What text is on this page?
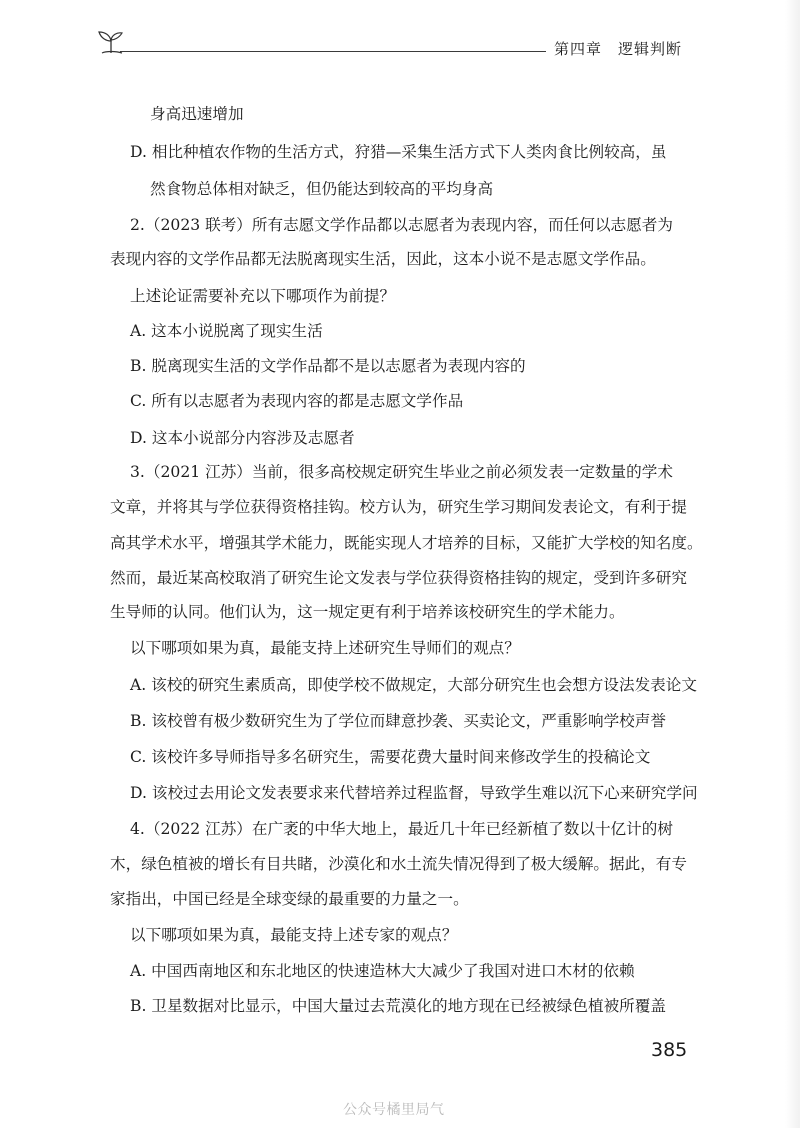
第四章 逻辑判断
身高迅速增加
D. 相比种植农作物的生活方式，狩猎—采集生活方式下人类肉食比例较高，虽
然食物总体相对缺乏，但仍能达到较高的平均身高
2.（2023 联考）所有志愿文学作品都以志愿者为表现内容，而任何以志愿者为
表现内容的文学作品都无法脱离现实生活，因此，这本小说不是志愿文学作品。
上述论证需要补充以下哪项作为前提？
A. 这本小说脱离了现实生活
B. 脱离现实生活的文学作品都不是以志愿者为表现内容的
C. 所有以志愿者为表现内容的都是志愿文学作品
D. 这本小说部分内容涉及志愿者
3.（2021 江苏）当前，很多高校规定研究生毕业之前必须发表一定数量的学术
文章，并将其与学位获得资格挂钩。校方认为，研究生学习期间发表论文，有利于提
高其学术水平，增强其学术能力，既能实现人才培养的目标，又能扩大学校的知名度。
然而，最近某高校取消了研究生论文发表与学位获得资格挂钩的规定，受到许多研究
生导师的认同。他们认为，这一规定更有利于培养该校研究生的学术能力。
以下哪项如果为真，最能支持上述研究生导师们的观点？
A. 该校的研究生素质高，即使学校不做规定，大部分研究生也会想方设法发表论文
B. 该校曾有极少数研究生为了学位而肆意抄袭、买卖论文，严重影响学校声誉
C. 该校许多导师指导多名研究生，需要花费大量时间来修改学生的投稿论文
D. 该校过去用论文发表要求来代替培养过程监督，导致学生难以沉下心来研究学问
4.（2022 江苏）在广袤的中华大地上，最近几十年已经新植了数以十亿计的树
木，绿色植被的增长有目共睹，沙漠化和水土流失情况得到了极大缓解。据此，有专
家指出，中国已经是全球变绿的最重要的力量之一。
以下哪项如果为真，最能支持上述专家的观点？
A. 中国西南地区和东北地区的快速造林大大减少了我国对进口木材的依赖
B. 卫星数据对比显示，中国大量过去荒漠化的地方现在已经被绿色植被所覆盖
385
公众号橘里局气
